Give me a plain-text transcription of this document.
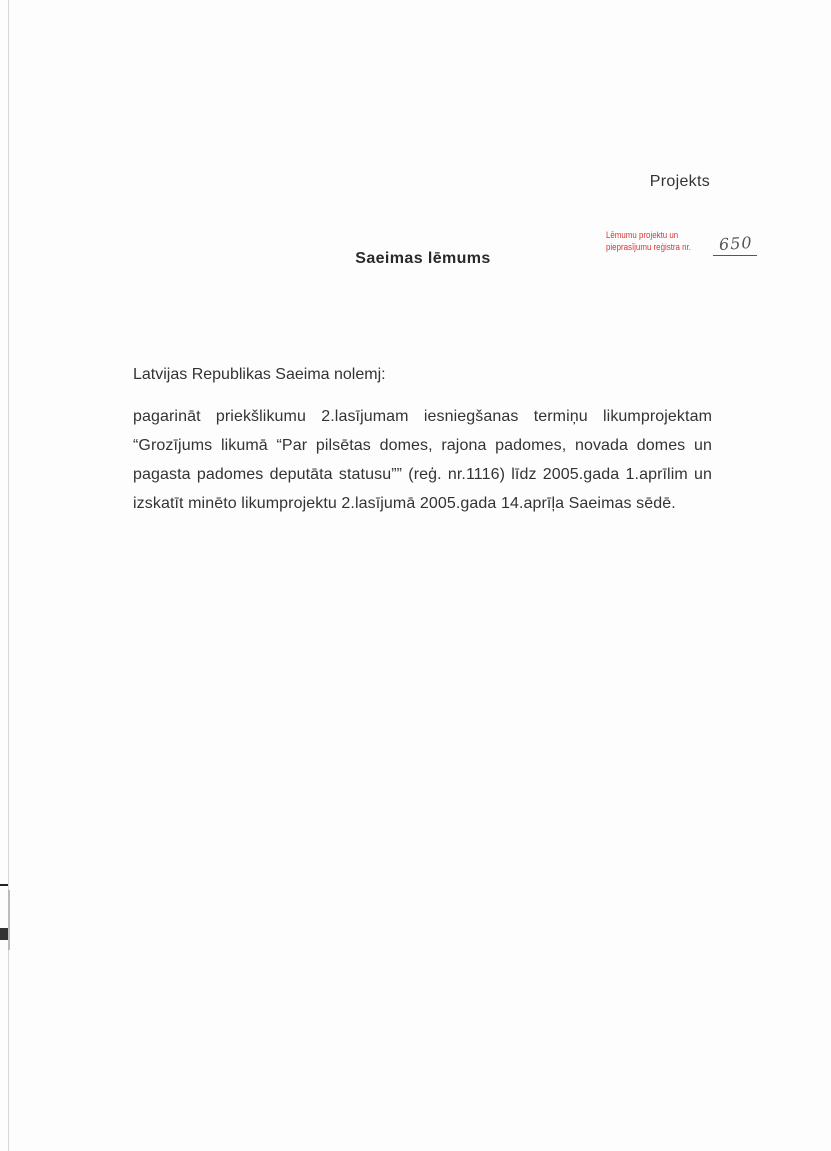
Projekts
Lēmumu projektu un
pieprasījumu reģistra nr.	650
Saeimas lēmums
Latvijas Republikas Saeima nolemj:
pagarināt priekšlikumu 2.lasījumam iesniegšanas termiņu likumprojektam “Grozījums likumā “Par pilsētas domes, rajona padomes, novada domes un pagasta padomes deputāta statusu”” (reģ. nr.1116) līdz 2005.gada 1.aprīlim un izskatīt minēto likumprojektu 2.lasījumā 2005.gada 14.aprīļa Saeimas sēdē.
